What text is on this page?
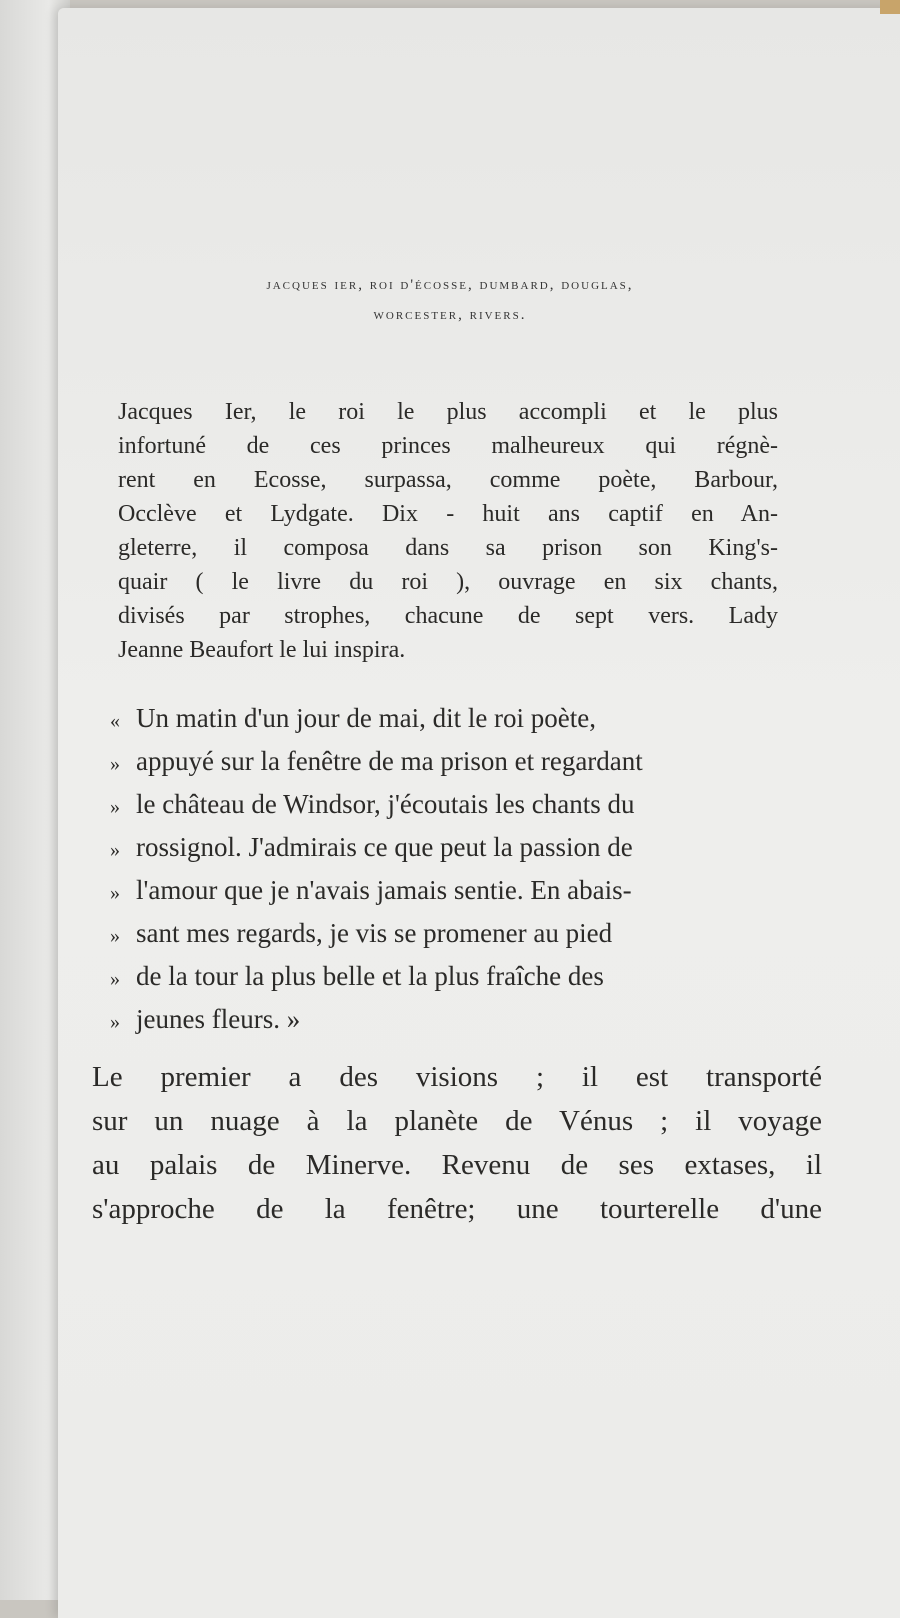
jacques ier, roi d'écosse, dumbard, douglas,
worcester, rivers.

Jacques Ier, le roi le plus accompli et le plus
infortuné de ces princes malheureux qui régnè-
rent en Ecosse, surpassa, comme poète, Barbour,
Occlève et Lydgate. Dix - huit ans captif en An-
gleterre, il composa dans sa prison son King's-
quair ( le livre du roi ), ouvrage en six chants,
divisés par strophes, chacune de sept vers. Lady
Jeanne Beaufort le lui inspira.

« Un matin d'un jour de mai, dit le roi poète,
» appuyé sur la fenêtre de ma prison et regardant
» le château de Windsor, j'écoutais les chants du
» rossignol. J'admirais ce que peut la passion de
» l'amour que je n'avais jamais sentie. En abais-
» sant mes regards, je vis se promener au pied
» de la tour la plus belle et la plus fraîche des
» jeunes fleurs. »

Le premier a des visions ; il est transporté
sur un nuage à la planète de Vénus ; il voyage
au palais de Minerve. Revenu de ses extases, il
s'approche de la fenêtre; une tourterelle d'une
